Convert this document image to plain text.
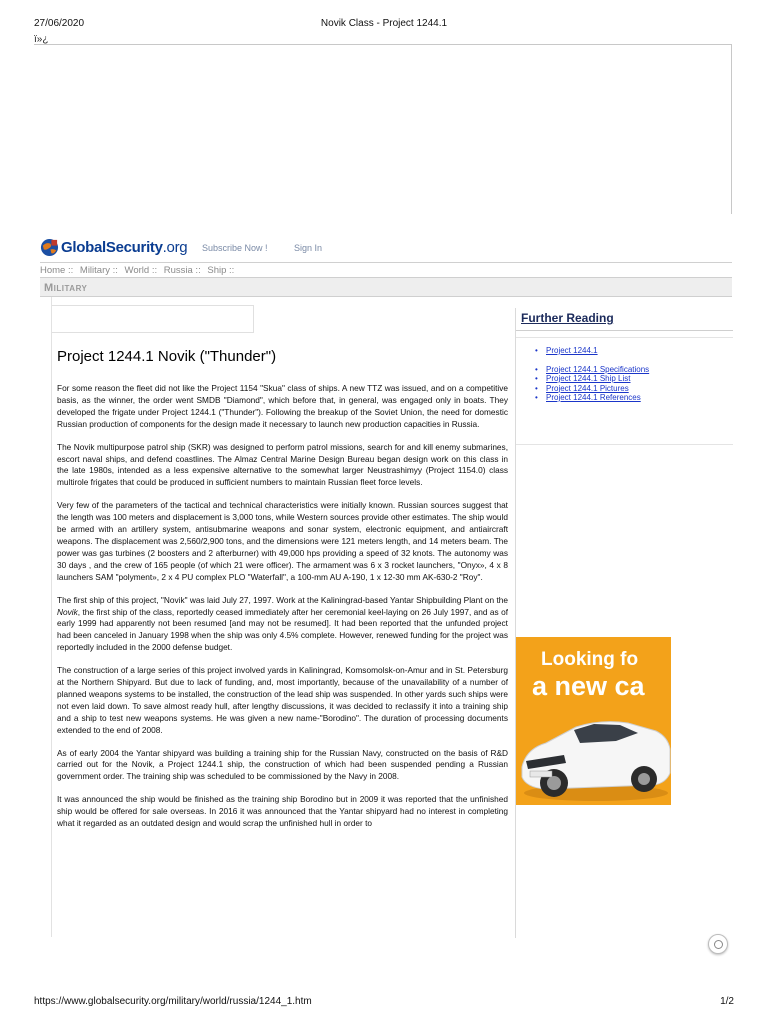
27/06/2020	Novik Class - Project 1244.1
ï»¿
GlobalSecurity.org Subscribe Now !	Sign In
Home :: Military :: World :: Russia :: Ship ::
Military
Project 1244.1 Novik ("Thunder")

For some reason the fleet did not like the Project 1154 "Skua" class of ships. A new TTZ was issued, and on a competitive basis, as the winner, the order went SMDB "Diamond", which before that, in general, was engaged only in boats. They developed the frigate under Project 1244.1 ("Thunder"). Following the breakup of the Soviet Union, the need for domestic Russian production of components for the design made it necessary to launch new production capacities in Russia.

The Novik multipurpose patrol ship (SKR) was designed to perform patrol missions, search for and kill enemy submarines, escort naval ships, and defend coastlines. The Almaz Central Marine Design Bureau began design work on this class in the late 1980s, intended as a less expensive alternative to the somewhat larger Neustrashimyy (Project 1154.0) class multirole frigates that could be produced in sufficient numbers to maintain Russian fleet force levels.

Very few of the parameters of the tactical and technical characteristics were initially known. Russian sources suggest that the length was 100 meters and displacement is 3,000 tons, while Western sources provide other estimates. The ship would be armed with an artillery system, antisubmarine weapons and sonar system, electronic equipment, and antiaircraft weapons. The displacement was 2,560/2,900 tons, and the dimensions were 121 meters length, and 14 meters beam. The power was gas turbines (2 boosters and 2 afterburner) with 49,000 hps providing a speed of 32 knots. The autonomy was 30 days , and the crew of 165 people (of which 21 were officer). The armament was 6 x 3 rocket launchers, "Onyx», 4 x 8 launchers SAM "polyment», 2 x 4 PU complex PLO "Waterfall", a 100-mm AU A-190, 1 x 12-30 mm AK-630-2 "Roy".

The first ship of this project, "Novik" was laid July 27, 1997. Work at the Kaliningrad-based Yantar Shipbuilding Plant on the Novik, the first ship of the class, reportedly ceased immediately after her ceremonial keel-laying on 26 July 1997, and as of early 1999 had apparently not been resumed [and may not be resumed]. It had been reported that the unfunded project had been canceled in January 1998 when the ship was only 4.5% complete. However, renewed funding for the project was reportedly included in the 2000 defense budget.

The construction of a large series of this project involved yards in Kaliningrad, Komsomolsk-on-Amur and in St. Petersburg at the Northern Shipyard. But due to lack of funding, and, most importantly, because of the unavailability of a number of planned weapons systems to be installed, the construction of the lead ship was suspended. In other yards such ships were not even laid down. To save almost ready hull, after lengthy discussions, it was decided to reclassify it into a training ship and a ship to test new weapons systems. He was given a new name-"Borodino". The duration of processing documents extended to the end of 2008.

As of early 2004 the Yantar shipyard was building a training ship for the Russian Navy, constructed on the basis of R&D carried out for the Novik, a Project 1244.1 ship, the construction of which had been suspended pending a Russian government order. The training ship was scheduled to be commissioned by the Navy in 2008.

It was announced the ship would be finished as the training ship Borodino but in 2009 it was reported that the unfinished ship would be offered for sale overseas. In 2016 it was announced that the Yantar shipyard had no interest in completing what it regarded as an outdated design and would scrap the unfinished hull in order to

Further Reading
• Project 1244.1
• Project 1244.1 Specifications
• Project 1244.1 Ship List
• Project 1244.1 Pictures
• Project 1244.1 References
Looking fo
a new ca
https://www.globalsecurity.org/military/world/russia/1244_1.htm	1/2
